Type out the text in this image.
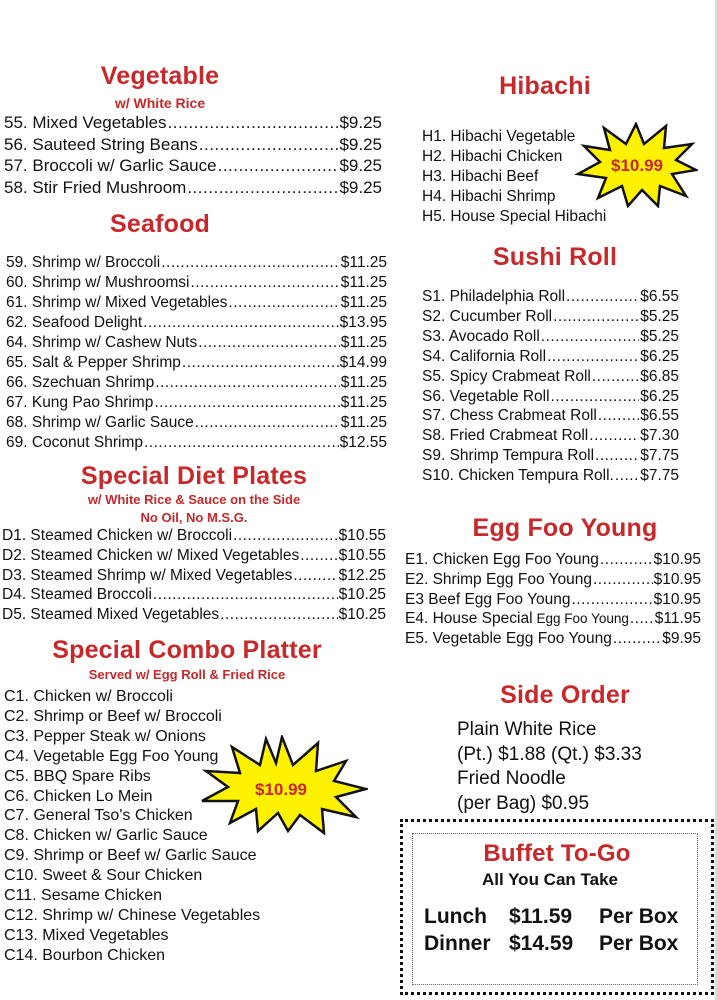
Vegetable
w/ White Rice
55. Mixed Vegetables .....	$9.25
56. Sauteed String Beans .....	$9.25
57. Broccoli w/ Garlic Sauce .....	$9.25
58. Stir Fried Mushroom .....	$9.25
Seafood
59. Shrimp w/ Broccoli .....	$11.25
60. Shrimp w/ Mushroomsi .....	$11.25
61. Shrimp w/ Mixed Vegetables .....	$11.25
62. Seafood Delight .....	$13.95
64. Shrimp w/ Cashew Nuts .....	$11.25
65. Salt & Pepper Shrimp .....	$14.99
66. Szechuan Shrimp .....	$11.25
67. Kung Pao Shrimp .....	$11.25
68. Shrimp w/ Garlic Sauce .....	$11.25
69. Coconut Shrimp .....	$12.55
Special Diet Plates
w/ White Rice & Sauce on the Side
No Oil, No M.S.G.
D1. Steamed Chicken w/ Broccoli .....	$10.55
D2. Steamed Chicken w/ Mixed Vegetables .....	$10.55
D3. Steamed Shrimp w/ Mixed Vegetables .....	$12.25
D4. Steamed Broccoli .....	$10.25
D5. Steamed Mixed Vegetables .....	$10.25
Special Combo Platter
Served w/ Egg Roll & Fried Rice
C1. Chicken w/ Broccoli
C2. Shrimp or Beef w/ Broccoli
C3. Pepper Steak w/ Onions
C4. Vegetable Egg Foo Young
C5. BBQ Spare Ribs
C6. Chicken Lo Mein
C7. General Tso's Chicken
C8. Chicken w/ Garlic Sauce
C9. Shrimp or Beef w/ Garlic Sauce
C10. Sweet & Sour Chicken
C11. Sesame Chicken
C12. Shrimp w/ Chinese Vegetables
C13. Mixed Vegetables
C14. Bourbon Chicken
$10.99
Hibachi
H1. Hibachi Vegetable
H2. Hibachi Chicken
H3. Hibachi Beef
H4. Hibachi Shrimp
H5. House Special Hibachi
$10.99
Sushi Roll
S1. Philadelphia Roll .....	$6.55
S2. Cucumber Roll .....	$5.25
S3. Avocado Roll .....	$5.25
S4. California Roll .....	$6.25
S5. Spicy Crabmeat Roll .....	$6.85
S6. Vegetable Roll .....	$6.25
S7. Chess Crabmeat Roll .....	$6.55
S8. Fried Crabmeat Roll .....	$7.30
S9. Shrimp Tempura Roll .....	$7.75
S10. Chicken Tempura Roll. ..... $7.75
Egg Foo Young
E1. Chicken Egg Foo Young .....	$10.95
E2. Shrimp Egg Foo Young .....	$10.95
E3 Beef Egg Foo Young .....	$10.95
E4. House Special Egg Foo Young ..... $11.95
E5. Vegetable Egg Foo Young .....	$9.95
Side Order
Plain White Rice
(Pt.) $1.88 (Qt.) $3.33
Fried Noodle
(per Bag) $0.95
Buffet To-Go
All You Can Take
Lunch $11.59 Per Box
Dinner $14.59 Per Box
